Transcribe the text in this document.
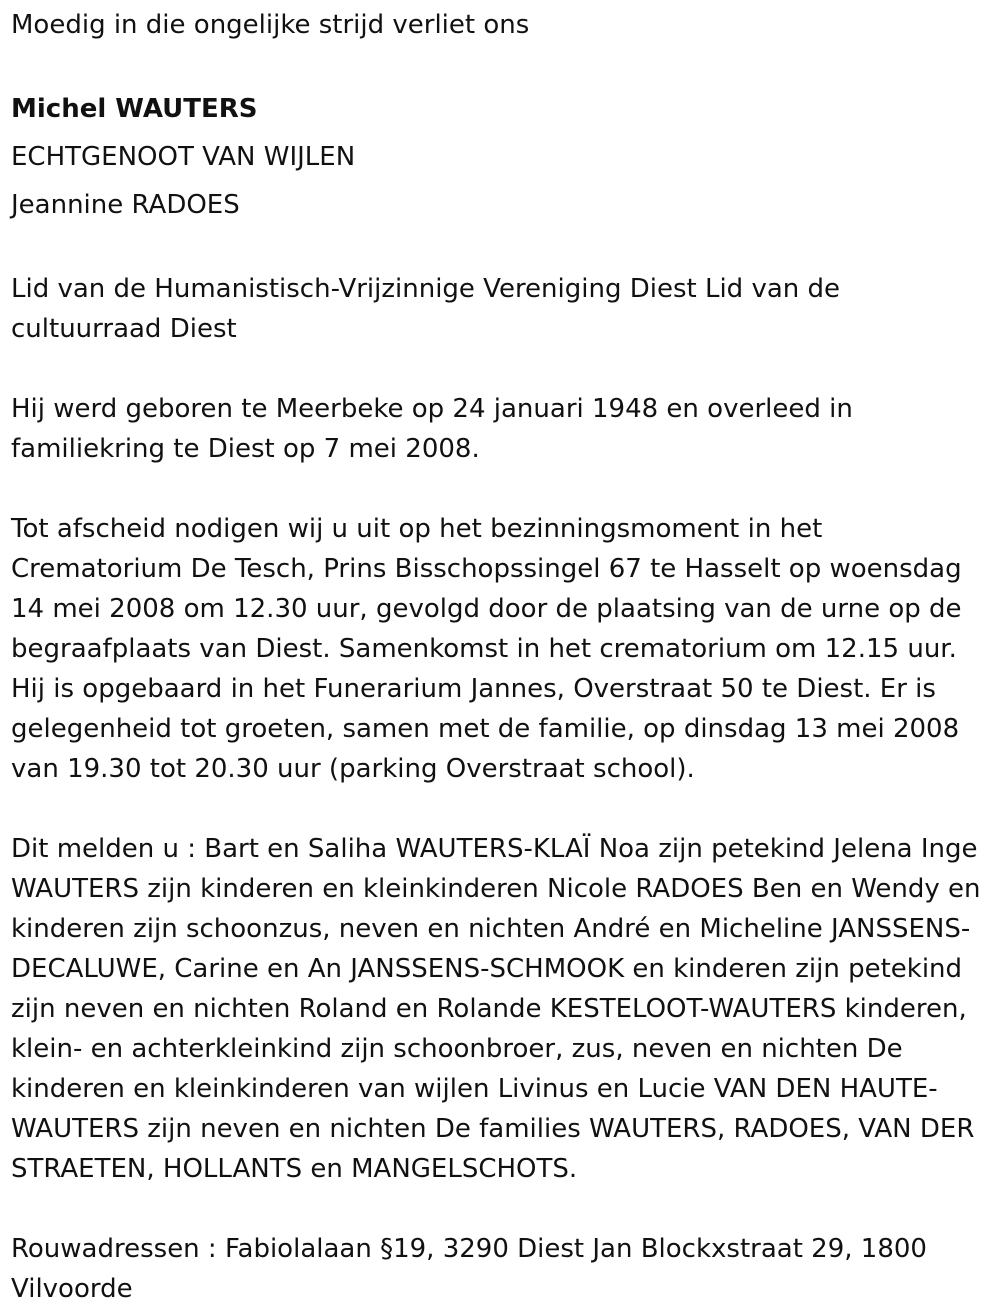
Moedig in die ongelijke strijd verliet ons

Michel WAUTERS

ECHTGENOOT VAN WIJLEN

Jeannine RADOES

Lid van de Humanistisch-Vrijzinnige Vereniging Diest Lid van de cultuurraad Diest

Hij werd geboren te Meerbeke op 24 januari 1948 en overleed in familiekring te Diest op 7 mei 2008.

Tot afscheid nodigen wij u uit op het bezinningsmoment in het Crematorium De Tesch, Prins Bisschopssingel 67 te Hasselt op woensdag 14 mei 2008 om 12.30 uur, gevolgd door de plaatsing van de urne op de begraafplaats van Diest. Samenkomst in het crematorium om 12.15 uur. Hij is opgebaard in het Funerarium Jannes, Overstraat 50 te Diest. Er is gelegenheid tot groeten, samen met de familie, op dinsdag 13 mei 2008 van 19.30 tot 20.30 uur (parking Overstraat school).

Dit melden u : Bart en Saliha WAUTERS-KLAÏ Noa zijn petekind Jelena Inge WAUTERS zijn kinderen en kleinkinderen Nicole RADOES Ben en Wendy en kinderen zijn schoonzus, neven en nichten André en Micheline JANSSENS-DECALUWE, Carine en An JANSSENS-SCHMOOK en kinderen zijn petekind zijn neven en nichten Roland en Rolande KESTELOOT-WAUTERS kinderen, klein- en achterkleinkind zijn schoonbroer, zus, neven en nichten De kinderen en kleinkinderen van wijlen Livinus en Lucie VAN DEN HAUTE-WAUTERS zijn neven en nichten De families WAUTERS, RADOES, VAN DER STRAETEN, HOLLANTS en MANGELSCHOTS.

Rouwadressen : Fabiolalaan §19, 3290 Diest Jan Blockxstraat 29, 1800 Vilvoorde
